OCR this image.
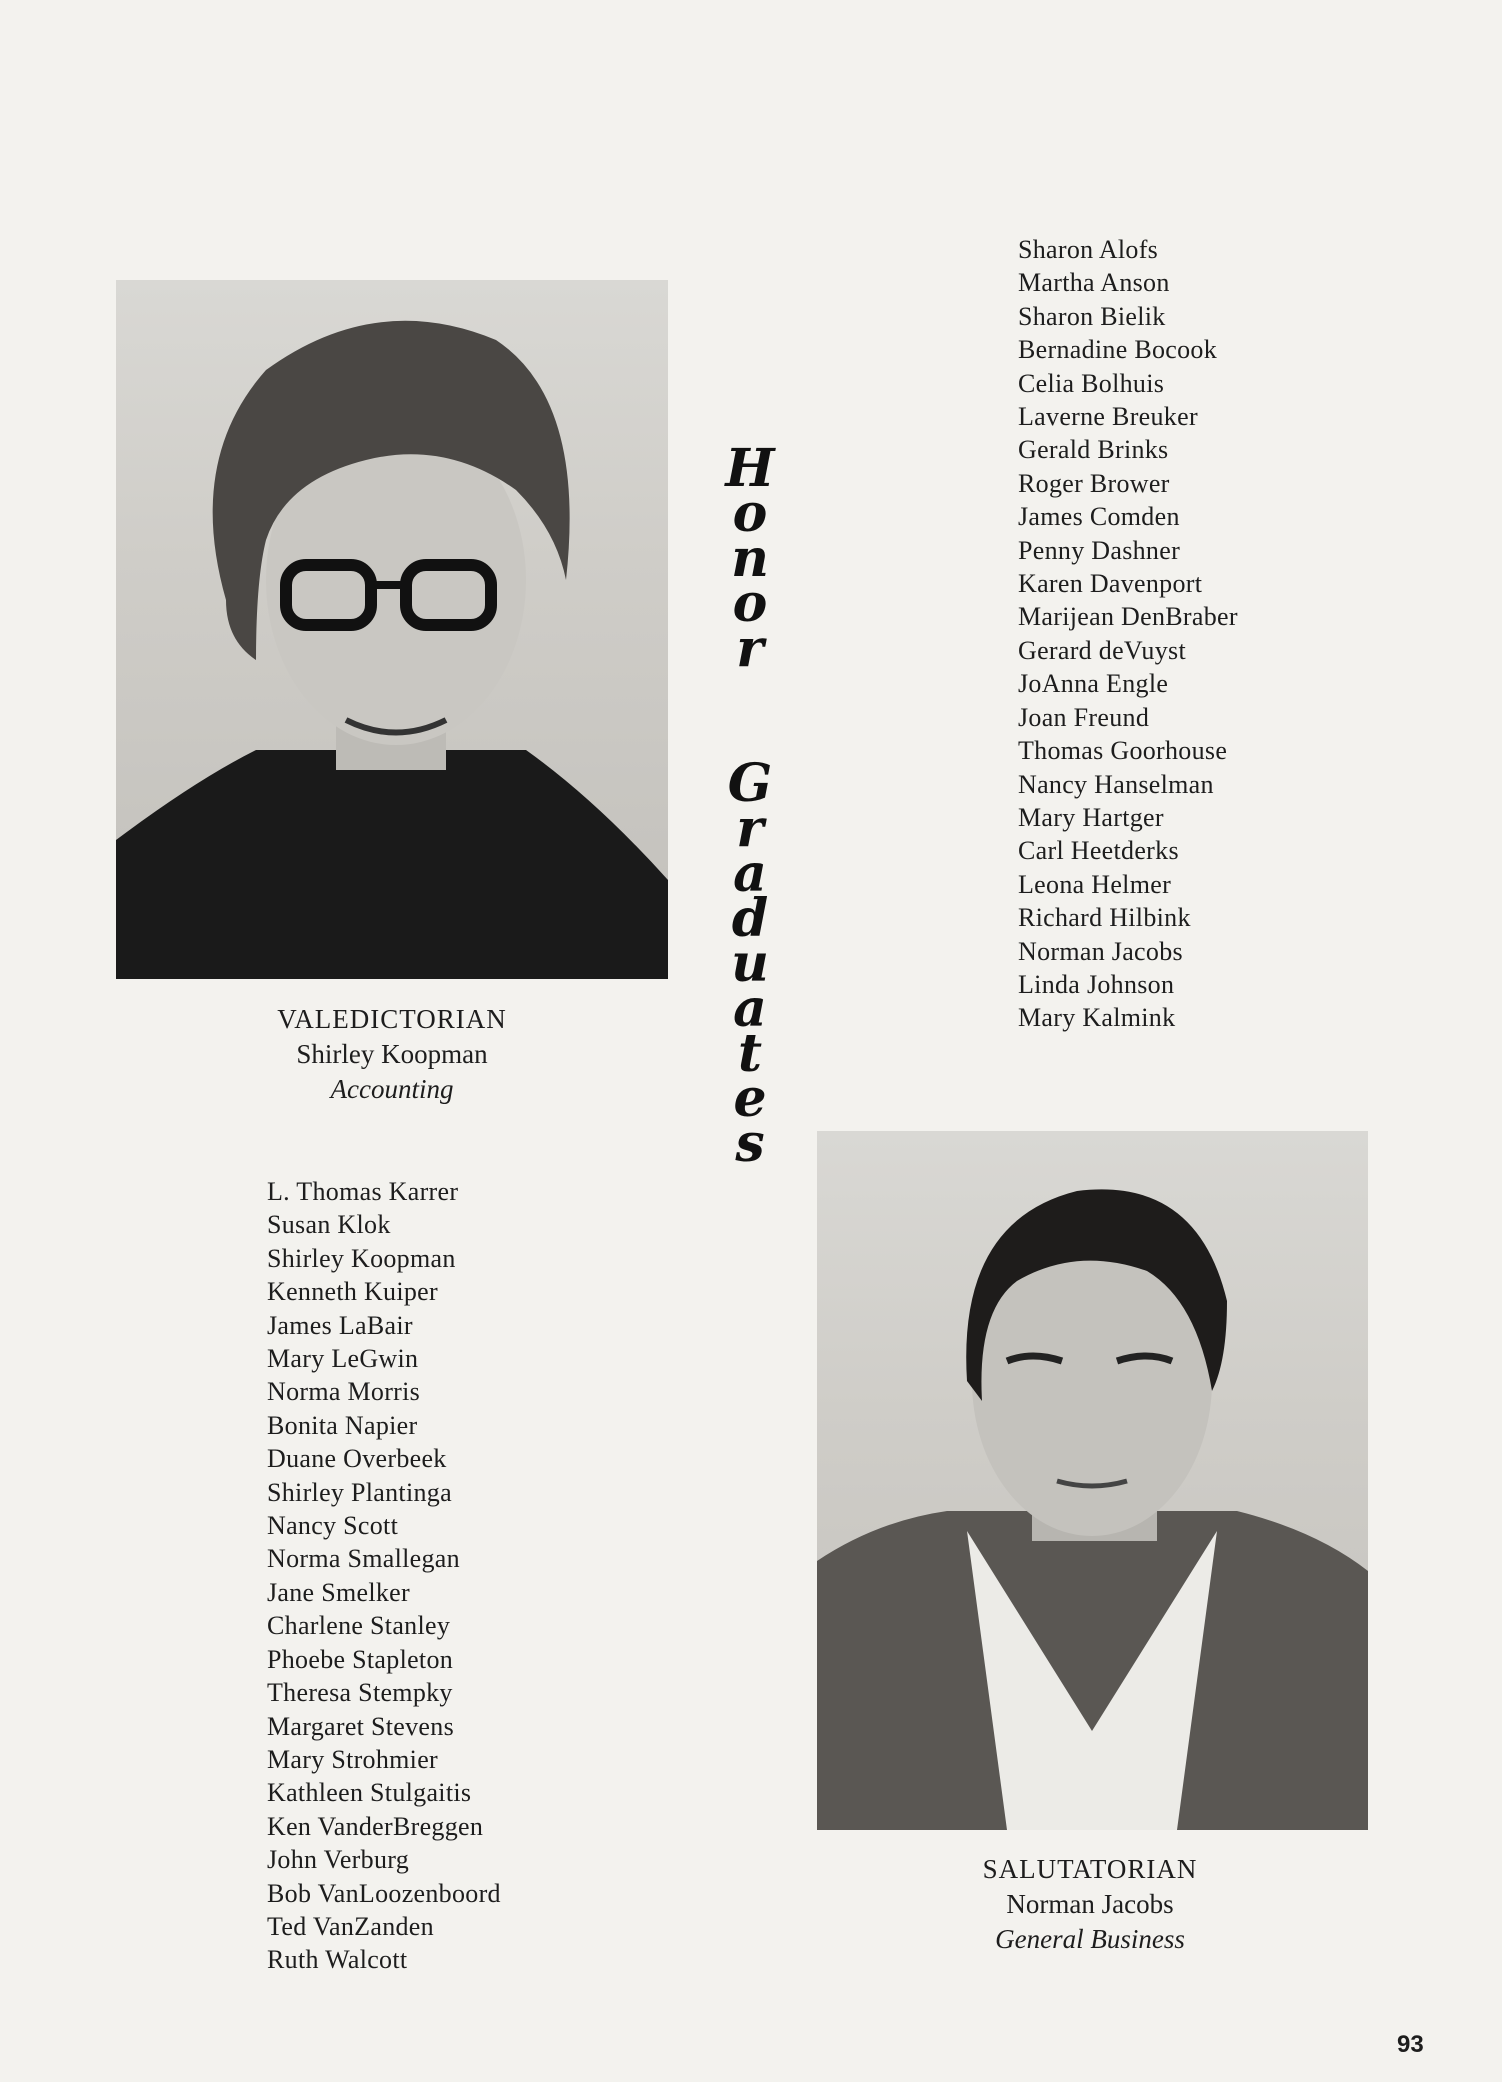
VALEDICTORIAN
Shirley Koopman
Accounting
H
o
n
o
r
G
r
a
d
u
a
t
e
s
Sharon Alofs
Martha Anson
Sharon Bielik
Bernadine Bocook
Celia Bolhuis
Laverne Breuker
Gerald Brinks
Roger Brower
James Comden
Penny Dashner
Karen Davenport
Marijean DenBraber
Gerard deVuyst
JoAnna Engle
Joan Freund
Thomas Goorhouse
Nancy Hanselman
Mary Hartger
Carl Heetderks
Leona Helmer
Richard Hilbink
Norman Jacobs
Linda Johnson
Mary Kalmink
L. Thomas Karrer
Susan Klok
Shirley Koopman
Kenneth Kuiper
James LaBair
Mary LeGwin
Norma Morris
Bonita Napier
Duane Overbeek
Shirley Plantinga
Nancy Scott
Norma Smallegan
Jane Smelker
Charlene Stanley
Phoebe Stapleton
Theresa Stempky
Margaret Stevens
Mary Strohmier
Kathleen Stulgaitis
Ken VanderBreggen
John Verburg
Bob VanLoozenboord
Ted VanZanden
Ruth Walcott
SALUTATORIAN
Norman Jacobs
General Business
93
